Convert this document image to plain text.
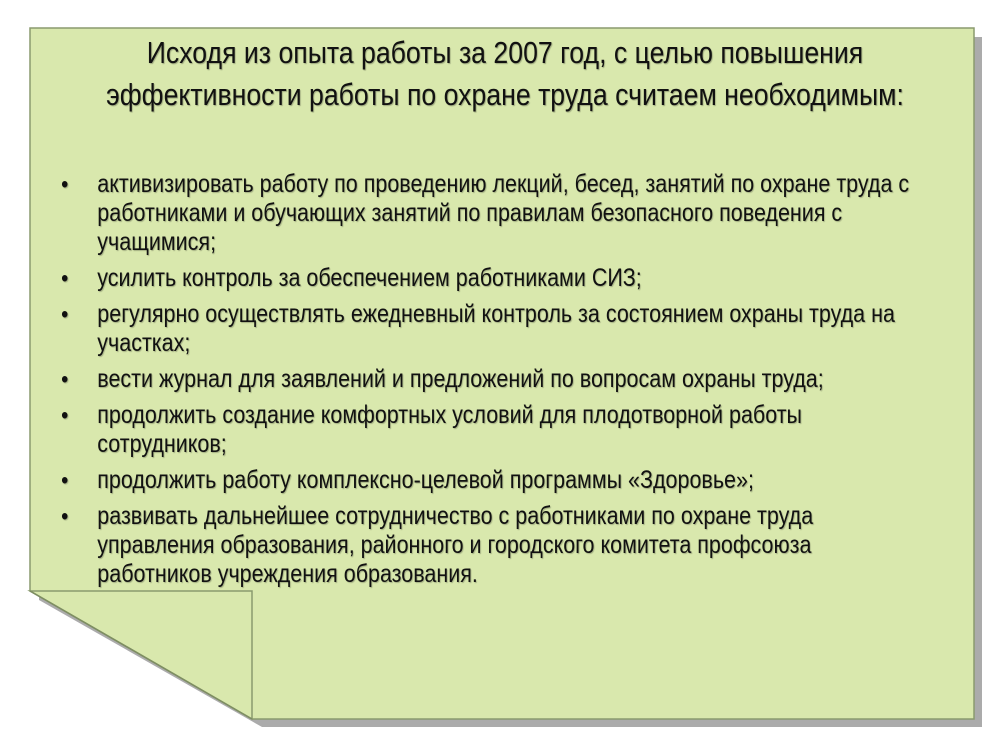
Исходя из опыта работы за 2007 год, с целью повышения эффективности работы по охране труда считаем необходимым:
• активизировать работу по проведению лекций, бесед, занятий по охране труда с работниками и обучающих занятий по правилам безопасного поведения с учащимися;
• усилить контроль за обеспечением работниками СИЗ;
• регулярно осуществлять ежедневный контроль за состоянием охраны труда на участках;
• вести журнал для заявлений и предложений по вопросам охраны труда;
• продолжить создание комфортных условий для плодотворной работы сотрудников;
• продолжить работу комплексно-целевой программы «Здоровье»;
• развивать дальнейшее сотрудничество с работниками по охране труда управления образования, районного и городского комитета профсоюза работников учреждения образования.
